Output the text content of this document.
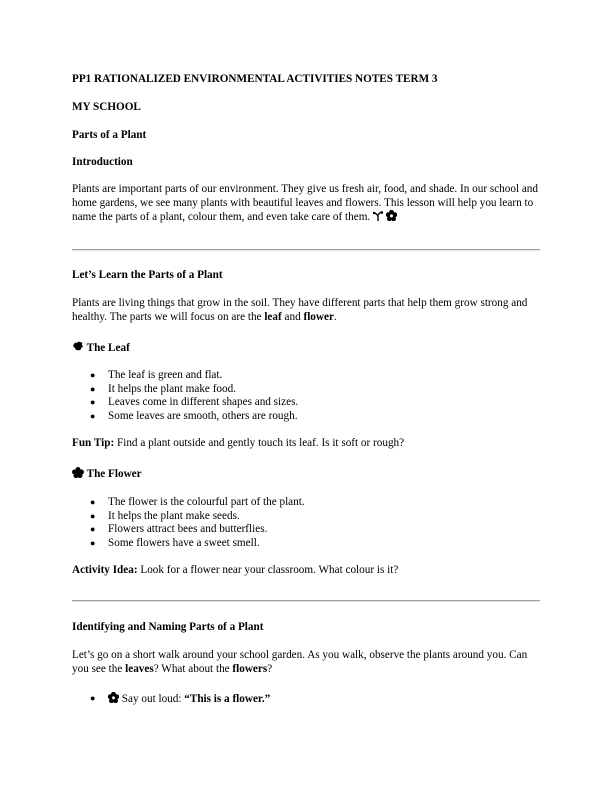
PP1 RATIONALIZED ENVIRONMENTAL ACTIVITIES NOTES TERM 3
MY SCHOOL
Parts of a Plant
Introduction

Plants are important parts of our environment. They give us fresh air, food, and shade. In our school and home gardens, we see many plants with beautiful leaves and flowers. This lesson will help you learn to name the parts of a plant, colour them, and even take care of them.

Let’s Learn the Parts of a Plant

Plants are living things that grow in the soil. They have different parts that help them grow strong and healthy. The parts we will focus on are the leaf and flower.

The Leaf
● The leaf is green and flat.
● It helps the plant make food.
● Leaves come in different shapes and sizes.
● Some leaves are smooth, others are rough.
Fun Tip: Find a plant outside and gently touch its leaf. Is it soft or rough?
The Flower
● The flower is the colourful part of the plant.
● It helps the plant make seeds.
● Flowers attract bees and butterflies.
● Some flowers have a sweet smell.
Activity Idea: Look for a flower near your classroom. What colour is it?
Identifying and Naming Parts of a Plant

Let’s go on a short walk around your school garden. As you walk, observe the plants around you. Can you see the leaves? What about the flowers?

● Say out loud: “This is a flower.”
